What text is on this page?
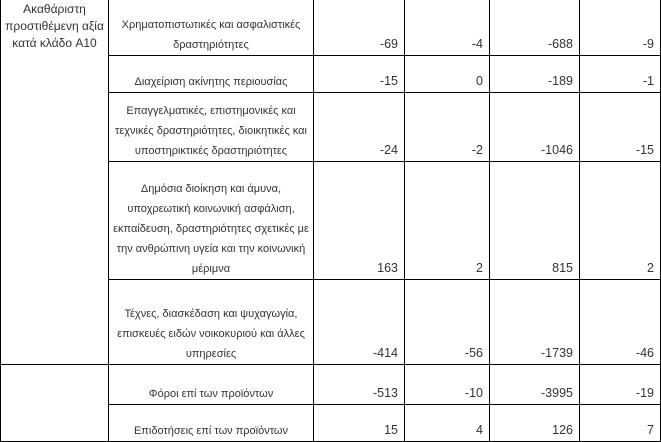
Ακαθάριστη προστιθέμενη αξία κατά κλάδο A10	Χρηματοπιστωτικές και ασφαλιστικές δραστηριότητες	-69	-4	-688	-9
	Διαχείριση ακίνητης περιουσίας	-15	0	-189	-1
	Επαγγελματικές, επιστημονικές και τεχνικές δραστηριότητες, διοικητικές και υποστηρικτικές δραστηριότητες	-24	-2	-1046	-15
	Δημόσια διοίκηση και άμυνα, υποχρεωτική κοινωνική ασφάλιση, εκπαίδευση, δραστηριότητες σχετικές με την ανθρώπινη υγεία και την κοινωνική μέριμνα	163	2	815	2
	Τέχνες, διασκέδαση και ψυχαγωγία, επισκευές ειδών νοικοκυριού και άλλες υπηρεσίες	-414	-56	-1739	-46
	Φόροι επί των προϊόντων	-513	-10	-3995	-19
	Επιδοτήσεις επί των προϊόντων	15	4	126	7
